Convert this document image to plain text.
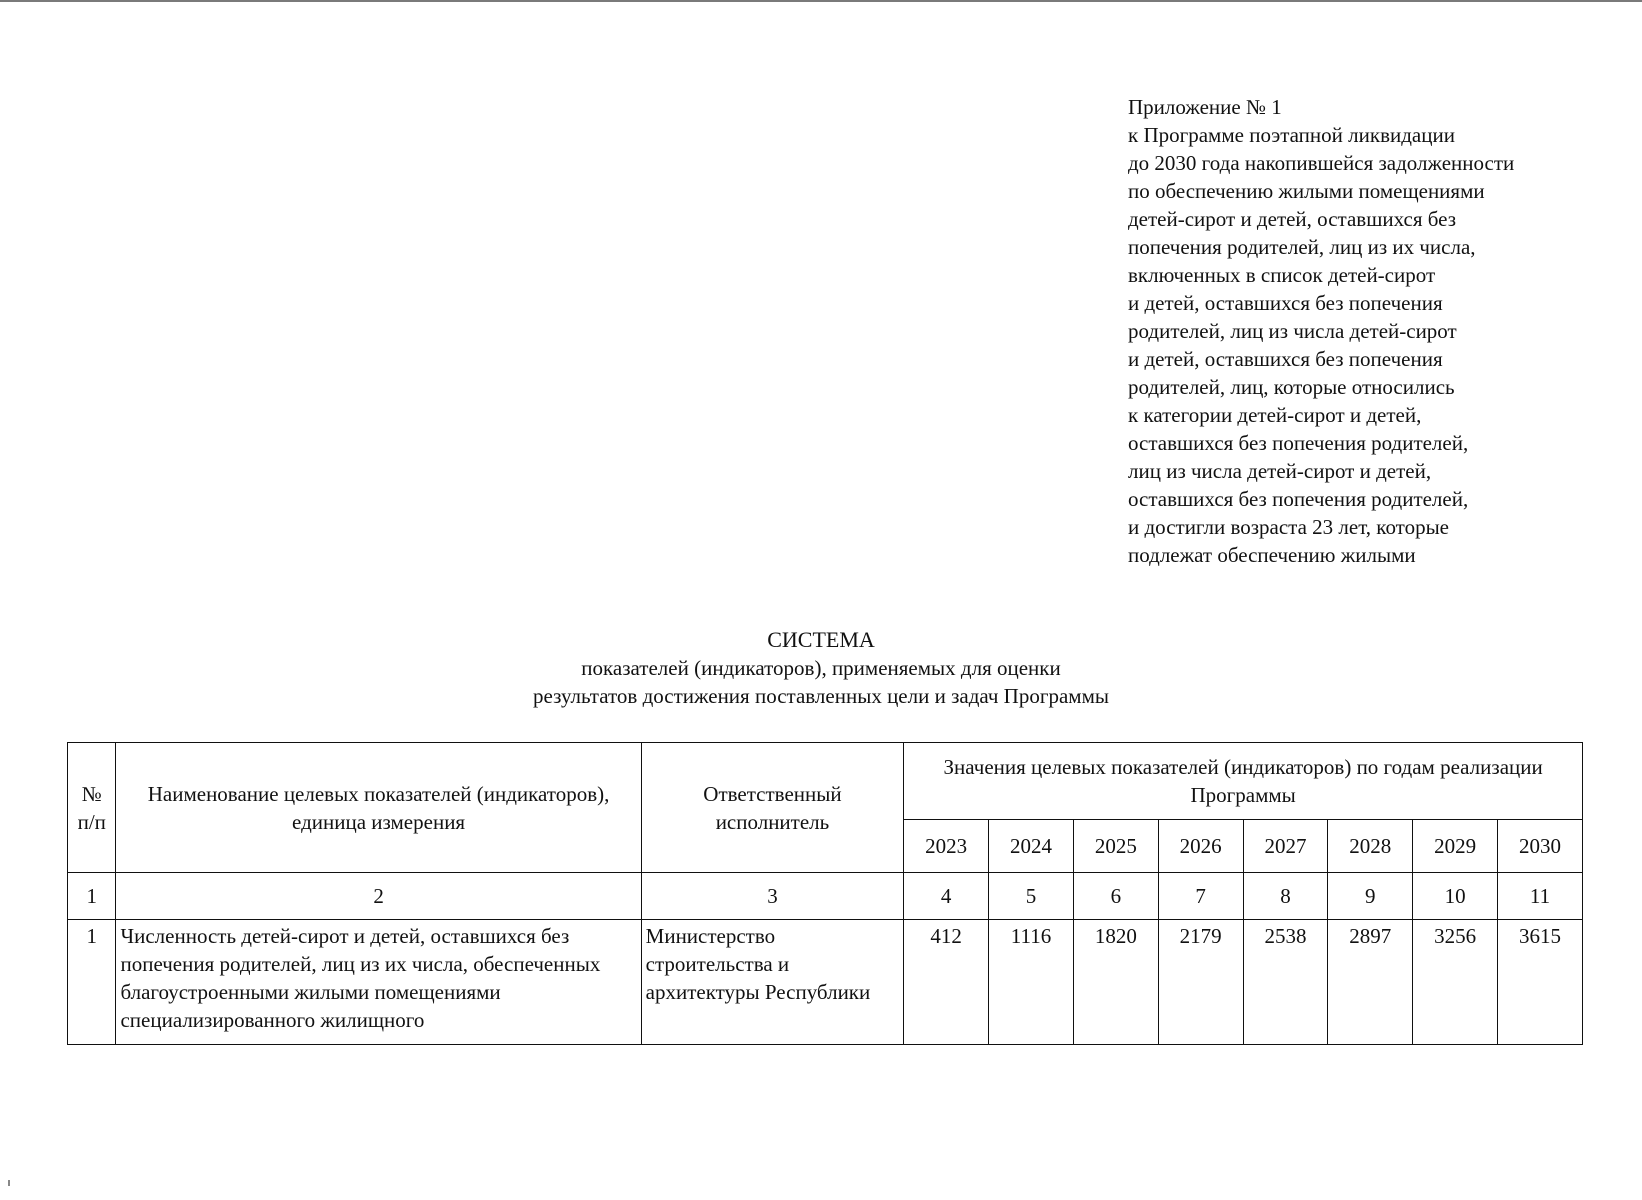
Приложение № 1
к Программе поэтапной ликвидации
до 2030 года накопившейся задолженности
по обеспечению жилыми помещениями
детей-сирот и детей, оставшихся без
попечения родителей, лиц из их числа,
включенных в список детей-сирот
и детей, оставшихся без попечения
родителей, лиц из числа детей-сирот
и детей, оставшихся без попечения
родителей, лиц, которые относились
к категории детей-сирот и детей,
оставшихся без попечения родителей,
лиц из числа детей-сирот и детей,
оставшихся без попечения родителей,
и достигли возраста 23 лет, которые
подлежат обеспечению жилыми
СИСТЕМА
показателей (индикаторов), применяемых для оценки
результатов достижения поставленных цели и задач Программы
№ п/п	Наименование целевых показателей (индикаторов), единица измерения	Ответственный исполнитель	Значения целевых показателей (индикаторов) по годам реализации Программы							
			2023	2024	2025	2026	2027	2028	2029	2030
1	2	3	4	5	6	7	8	9	10	11
1	Численность детей-сирот и детей, оставшихся без попечения родителей, лиц из их числа, обеспеченных благоустроенными жилыми помещениями специализированного жилищного	Министерство строительства и архитектуры Республики	412	1116	1820	2179	2538	2897	3256	3615
